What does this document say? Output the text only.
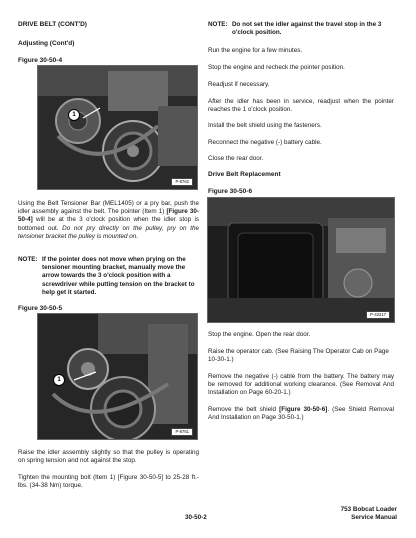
DRIVE BELT (CONT'D)
Adjusting (Cont'd)
Figure 30-50-4
1
P-8762
Using the Belt Tensioner Bar (MEL1405) or a pry bar, push the idler assembly against the belt. The pointer (Item 1) [Figure 30-50-4] will be at the 3 o'clock position when the idler stop is bottomed out. Do not pry directly on the pulley, pry on the tensioner bracket the pulley is mounted on.
NOTE: If the pointer does not move when prying on the tensioner mounting bracket, manually move the arrow towards the 3 o'clock position with a screwdriver while putting tension on the bracket to help get it started.
Figure 30-50-5
1
P-8761
Raise the idler assembly slightly so that the pulley is operating on spring tension and not against the stop.
Tighten the mounting bolt (Item 1) [Figure 30-50-5] to 25-28 ft.-lbs. (34-38 Nm) torque.
NOTE: Do not set the idler against the travel stop in the 3 o'clock position.
Run the engine for a few minutes.
Stop the engine and recheck the pointer position.
Readjust if necessary.
After the idler has been in service, readjust when the pointer reaches the 1 o'clock position.
Install the belt shield using the fasteners.
Reconnect the negative (-) battery cable.
Close the rear door.
Drive Belt Replacement
Figure 30-50-6
P-43217
Stop the engine. Open the rear door.
Raise the operator cab. (See Raising The Operator Cab on Page 10-30-1.)
Remove the negative (-) cable from the battery. The battery may be removed for additional working clearance. (See Removal And Installation on Page 60-20-1.)
Remove the belt shield [Figure 30-50-6]. (See Shield Removal And Installation on Page 30-50-1.)
30-50-2
753 Bobcat Loader
Service Manual
